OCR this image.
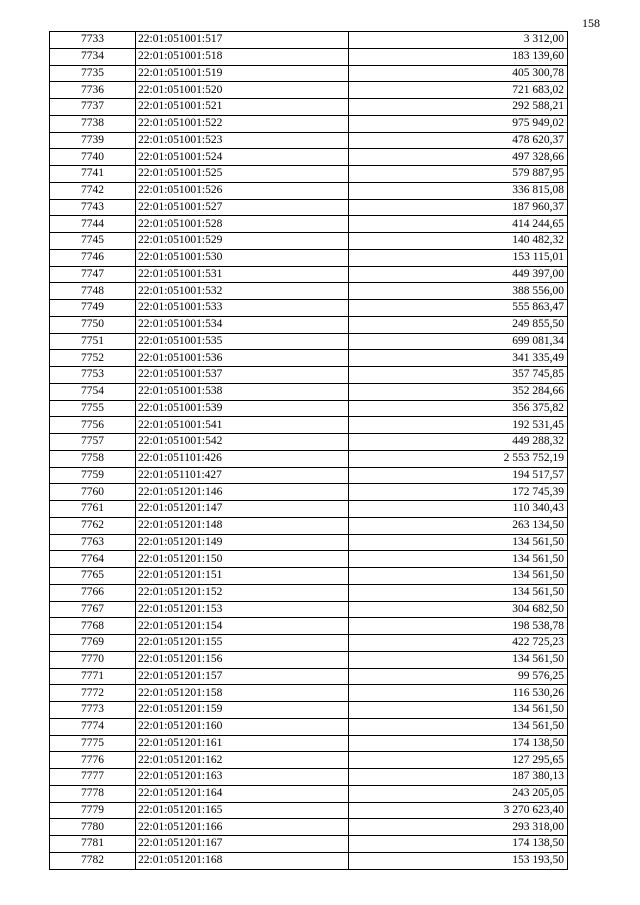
158
7733	22:01:051001:517	3 312,00
7734	22:01:051001:518	183 139,60
7735	22:01:051001:519	405 300,78
7736	22:01:051001:520	721 683,02
7737	22:01:051001:521	292 588,21
7738	22:01:051001:522	975 949,02
7739	22:01:051001:523	478 620,37
7740	22:01:051001:524	497 328,66
7741	22:01:051001:525	579 887,95
7742	22:01:051001:526	336 815,08
7743	22:01:051001:527	187 960,37
7744	22:01:051001:528	414 244,65
7745	22:01:051001:529	140 482,32
7746	22:01:051001:530	153 115,01
7747	22:01:051001:531	449 397,00
7748	22:01:051001:532	388 556,00
7749	22:01:051001:533	555 863,47
7750	22:01:051001:534	249 855,50
7751	22:01:051001:535	699 081,34
7752	22:01:051001:536	341 335,49
7753	22:01:051001:537	357 745,85
7754	22:01:051001:538	352 284,66
7755	22:01:051001:539	356 375,82
7756	22:01:051001:541	192 531,45
7757	22:01:051001:542	449 288,32
7758	22:01:051101:426	2 553 752,19
7759	22:01:051101:427	194 517,57
7760	22:01:051201:146	172 745,39
7761	22:01:051201:147	110 340,43
7762	22:01:051201:148	263 134,50
7763	22:01:051201:149	134 561,50
7764	22:01:051201:150	134 561,50
7765	22:01:051201:151	134 561,50
7766	22:01:051201:152	134 561,50
7767	22:01:051201:153	304 682,50
7768	22:01:051201:154	198 538,78
7769	22:01:051201:155	422 725,23
7770	22:01:051201:156	134 561,50
7771	22:01:051201:157	99 576,25
7772	22:01:051201:158	116 530,26
7773	22:01:051201:159	134 561,50
7774	22:01:051201:160	134 561,50
7775	22:01:051201:161	174 138,50
7776	22:01:051201:162	127 295,65
7777	22:01:051201:163	187 380,13
7778	22:01:051201:164	243 205,05
7779	22:01:051201:165	3 270 623,40
7780	22:01:051201:166	293 318,00
7781	22:01:051201:167	174 138,50
7782	22:01:051201:168	153 193,50
